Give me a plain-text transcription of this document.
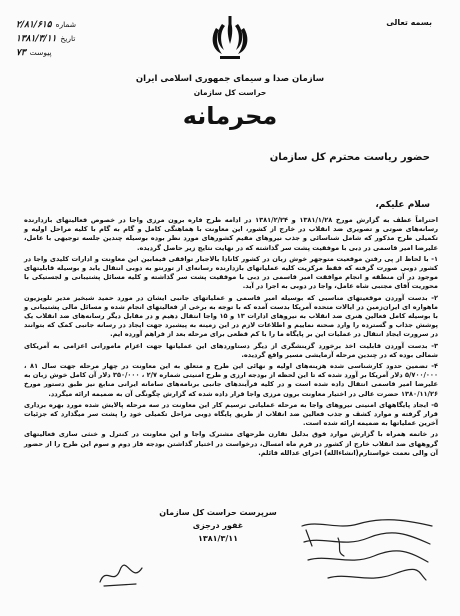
بسمه تعالی
شماره
۲/۸۱/۶۱۵
تاریخ
۱۳۸۱/۳/۱۱
پیوست
۷۳
سازمان صدا و سیمای جمهوری اسلامی ایران
حراست کل سازمان
محرمانه
حضور ریاست محترم کل سازمان
سلام علیکم،

احتراماً عطف به گزارش مورخ ۱۳۸۱/۱/۲۸ و ۱۳۸۱/۲/۲۴ در ادامه طرح فاره برون مرزی واجا در خصوص فعالیتهای بازدارنده رسانه‌های صوتی و تصویری ضد انقلاب در خارج از کشور، این معاونت با هماهنگی کامل و گام به گام با کلیه مراحل اولیه و تکمیلی طرح مذکور که شامل شناسائی و جذب نیروهای مقیم کشورهای مورد نظر بوده بوسیله چندین جلسه توجیهی با عامل، علیرضا امیر قاسمی در دبی با موفقیت پشت سر گذاشته که در نهایت نتایج زیر حاصل گردیده.

۱- با لحاظ از پی رفتن موقعیت متوجهر خوش زبان در کشور کانادا بالاجبار توافقی فیمابین این معاونت و ادارات کلیدی واجا در کشور دوبی صورت گرفته که فقط مرکزیت کلیه عملیاتهای بازدارنده رسانه‌ای از تورنتو به دوبی انتقال یابد و بوسیله قابلیتهای موجود در آن منطقه و انجام موافقت امیر قاسمی در دبی با موفقیت پشت سر گذاشته و کلیه مسائل پشتیبانی و لجستیکی با محوریت آقای مجتبی شاه عامل، واجا در دوبی به اجرا در آید.

۲- بدست آوردن موقعیتهای مناسبی که بوسیله امیر قاسمی و عملیاتهای جانبی ایشان در مورد حمید شبخیز مدیر تلویزیون ماهواره ای ایران‌زمین در ایالات متحده آمریکا بدست آمده که با توجه به برخی از فعالیتهای انجام شده و مسائل مالی پشتیبانی و با بوسیله کامل فعالین هنری ضد انقلاب به نیروهای ادارات ۱۳ و ۱۵ واجا انتقال دهیم و در مقابل دیگر رسانه‌های ضد انقلاب یک پوشش جذاب و گسترده را وارد صحنه نماییم و اطلاعات لازم در این زمینه به پیشبرد جهت ایجاد در رسانه جانبی کمک که بتوانند در سرورت ایجاد انتقال در عملیات این بر پایگاه ما را با کم قطعی برای مرحله بعد از فراهم آورده ایم.

۳- بدست آوردن قابلیت اخذ برخورد گزینشگری از دیگر دستاوردهای این عملیاتها جهت اعزام مامورانی اعزامی به آمریکای شمالی بوده که در چندین مرحله آزمایشی مسیر واقع گردیده.

۴- تضمین حدود کارشناسی شده هزینه‌های اولیه و نهائی این طرح و متعلق به این معاونت در چهار مرحله جهت سال ۸۱ ، ۵/۷۰۰/۰۰۰ دلار آمریکا بر آورد شده که تا این لحظه از بودجه ارزی و طرح امنیتی شماره ۲/۷ ، ۳۵۰/۰۰۰ دلار آن کامل خوش زبان به علیرضا امیر قاسمی انتقال داده شده است و در کلیه فرآیندهای جانبی برنامه‌های سامانه ایرانی منابع نیز طبق دستور مورخ ۱۳۸۰/۱۱/۲۶ حضرت عالی در اختیار معاونت برون مرزی واجا قرار داده شده که گزارش چگونگی آن به ضمیمه ارائه میگردد.

۵- ایجاد پایگاههای امنیتی نیروهای واجا به مرحله عملیاتی ترسیم کار این معاونت در سه مرحله پالایش شده مورد بهره برداری قرار گرفته و موارد کشف و جذب فعالین ضد انقلاب از طریق پایگاه دوبی مراحل تکمیلی خود را پشت سر میگذارد که جزئیات آخرین عملیاتها به ضمیمه ارائه شده است.

در خاتمه همراه با گزارش موارد فوق بدلیل تقارن طرحهای مشترک واجا و این معاونت در کنترل و خنثی سازی فعالیتهای گروههای ضد انقلاب خارج از کشور در قرم ماه امسال، درخواست در اختیار گذاشتن بودجه فاز دوم و سوم این طرح را از حضور آن والی نعمت خواستارم(انشاءالله) احرای عدالله قائلم.

سرپرست حراست کل سازمان
غفور درجزی
۱۳۸۱/۳/۱۱
